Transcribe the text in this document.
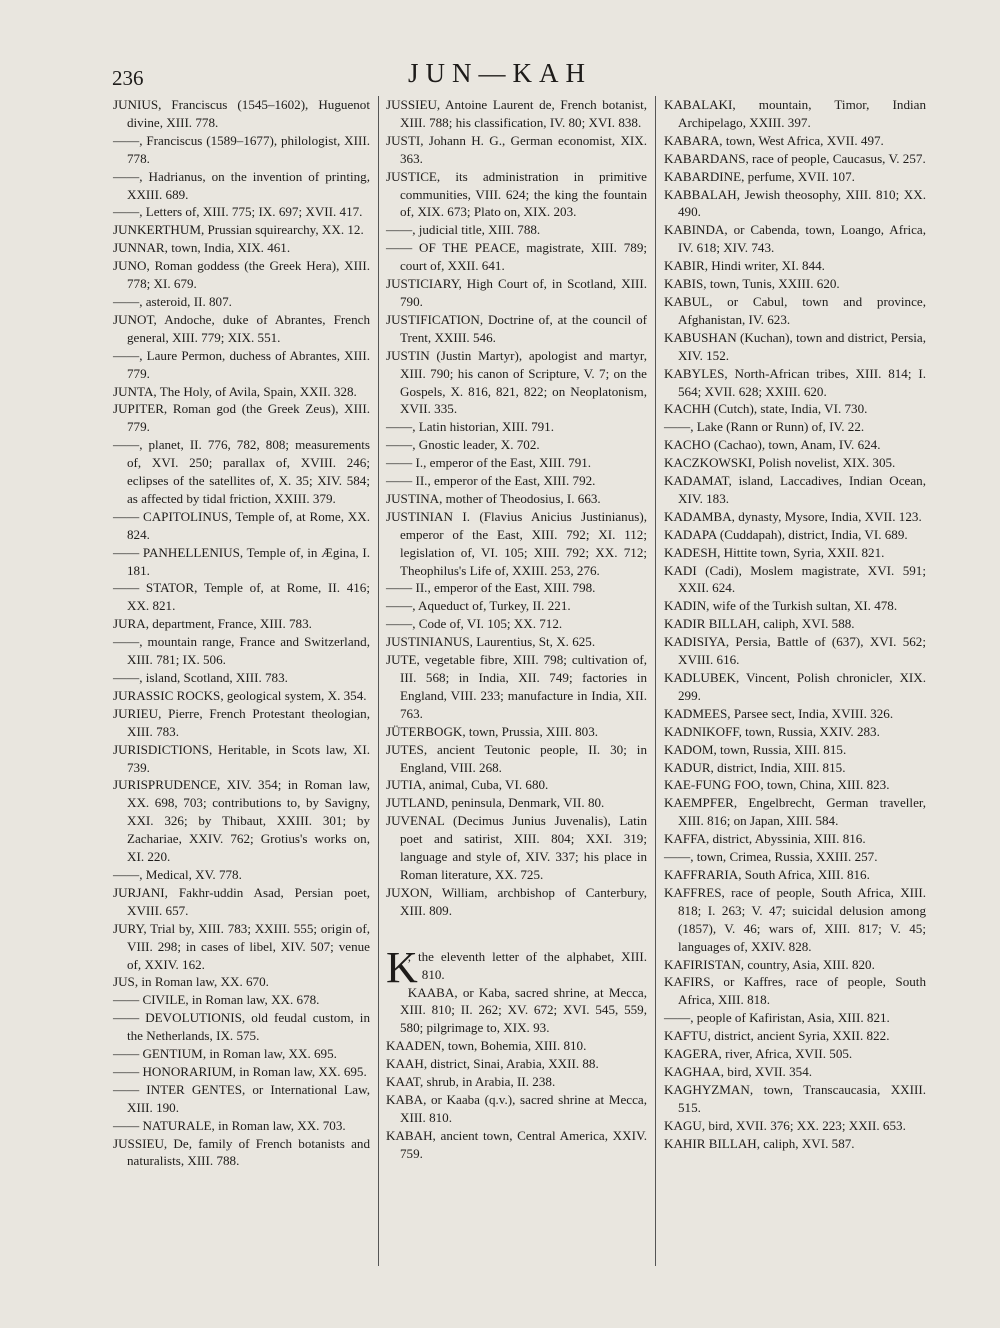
236	JUN—KAH

JUNIUS, Franciscus (1545–1602), Huguenot divine, XIII. 778.

——, Franciscus (1589–1677), philologist, XIII. 778.

——, Hadrianus, on the invention of printing, XXIII. 689.

——, Letters of, XIII. 775; IX. 697; XVII. 417.

JUNKERTHUM, Prussian squirearchy, XX. 12.

JUNNAR, town, India, XIX. 461.

JUNO, Roman goddess (the Greek Hera), XIII. 778; XI. 679.

——, asteroid, II. 807.

JUNOT, Andoche, duke of Abrantes, French general, XIII. 779; XIX. 551.

——, Laure Permon, duchess of Abrantes, XIII. 779.

JUNTA, The Holy, of Avila, Spain, XXII. 328.

JUPITER, Roman god (the Greek Zeus), XIII. 779.

——, planet, II. 776, 782, 808; measurements of, XVI. 250; parallax of, XVIII. 246; eclipses of the satellites of, X. 35; XIV. 584; as affected by tidal friction, XXIII. 379.

—— CAPITOLINUS, Temple of, at Rome, XX. 824.

—— PANHELLENIUS, Temple of, in Ægina, I. 181.

—— STATOR, Temple of, at Rome, II. 416; XX. 821.

JURA, department, France, XIII. 783.

——, mountain range, France and Switzerland, XIII. 781; IX. 506.

——, island, Scotland, XIII. 783.

JURASSIC ROCKS, geological system, X. 354.

JURIEU, Pierre, French Protestant theologian, XIII. 783.

JURISDICTIONS, Heritable, in Scots law, XI. 739.

JURISPRUDENCE, XIV. 354; in Roman law, XX. 698, 703; contributions to, by Savigny, XXI. 326; by Thibaut, XXIII. 301; by Zachariae, XXIV. 762; Grotius's works on, XI. 220.

——, Medical, XV. 778.

JURJANI, Fakhr-uddin Asad, Persian poet, XVIII. 657.

JURY, Trial by, XIII. 783; XXIII. 555; origin of, VIII. 298; in cases of libel, XIV. 507; venue of, XXIV. 162.

JUS, in Roman law, XX. 670.

—— CIVILE, in Roman law, XX. 678.

—— DEVOLUTIONIS, old feudal custom, in the Netherlands, IX. 575.

—— GENTIUM, in Roman law, XX. 695.

—— HONORARIUM, in Roman law, XX. 695.

—— INTER GENTES, or International Law, XIII. 190.

—— NATURALE, in Roman law, XX. 703.

JUSSIEU, De, family of French botanists and naturalists, XIII. 788.

JUSSIEU, Antoine Laurent de, French botanist, XIII. 788; his classification, IV. 80; XVI. 838.

JUSTI, Johann H. G., German economist, XIX. 363.

JUSTICE, its administration in primitive communities, VIII. 624; the king the fountain of, XIX. 673; Plato on, XIX. 203.

——, judicial title, XIII. 788.

—— OF THE PEACE, magistrate, XIII. 789; court of, XXII. 641.

JUSTICIARY, High Court of, in Scotland, XIII. 790.

JUSTIFICATION, Doctrine of, at the council of Trent, XXIII. 546.

JUSTIN (Justin Martyr), apologist and martyr, XIII. 790; his canon of Scripture, V. 7; on the Gospels, X. 816, 821, 822; on Neoplatonism, XVII. 335.

——, Latin historian, XIII. 791.

——, Gnostic leader, X. 702.

—— I., emperor of the East, XIII. 791.

—— II., emperor of the East, XIII. 792.

JUSTINA, mother of Theodosius, I. 663.

JUSTINIAN I. (Flavius Anicius Justinianus), emperor of the East, XIII. 792; XI. 112; legislation of, VI. 105; XIII. 792; XX. 712; Theophilus's Life of, XXIII. 253, 276.

—— II., emperor of the East, XIII. 798.

——, Aqueduct of, Turkey, II. 221.

——, Code of, VI. 105; XX. 712.

JUSTINIANUS, Laurentius, St, X. 625.

JUTE, vegetable fibre, XIII. 798; cultivation of, III. 568; in India, XII. 749; factories in England, VIII. 233; manufacture in India, XII. 763.

JÜTERBOGK, town, Prussia, XIII. 803.

JUTES, ancient Teutonic people, II. 30; in England, VIII. 268.

JUTIA, animal, Cuba, VI. 680.

JUTLAND, peninsula, Denmark, VII. 80.

JUVENAL (Decimus Junius Juvenalis), Latin poet and satirist, XIII. 804; XXI. 319; language and style of, XIV. 337; his place in Roman literature, XX. 725.

JUXON, William, archbishop of Canterbury, XIII. 809.

K
, the eleventh letter of the alphabet, XIII. 810.

KAABA, or Kaba, sacred shrine, at Mecca, XIII. 810; II. 262; XV. 672; XVI. 545, 559, 580; pilgrimage to, XIX. 93.

KAADEN, town, Bohemia, XIII. 810.

KAAH, district, Sinai, Arabia, XXII. 88.

KAAT, shrub, in Arabia, II. 238.

KABA, or Kaaba (q.v.), sacred shrine at Mecca, XIII. 810.

KABAH, ancient town, Central America, XXIV. 759.

KABALAKI, mountain, Timor, Indian Archipelago, XXIII. 397.

KABARA, town, West Africa, XVII. 497.

KABARDANS, race of people, Caucasus, V. 257.

KABARDINE, perfume, XVII. 107.

KABBALAH, Jewish theosophy, XIII. 810; XX. 490.

KABINDA, or Cabenda, town, Loango, Africa, IV. 618; XIV. 743.

KABIR, Hindi writer, XI. 844.

KABIS, town, Tunis, XXIII. 620.

KABUL, or Cabul, town and province, Afghanistan, IV. 623.

KABUSHAN (Kuchan), town and district, Persia, XIV. 152.

KABYLES, North-African tribes, XIII. 814; I. 564; XVII. 628; XXIII. 620.

KACHH (Cutch), state, India, VI. 730.

——, Lake (Rann or Runn) of, IV. 22.

KACHO (Cachao), town, Anam, IV. 624.

KACZKOWSKI, Polish novelist, XIX. 305.

KADAMAT, island, Laccadives, Indian Ocean, XIV. 183.

KADAMBA, dynasty, Mysore, India, XVII. 123.

KADAPA (Cuddapah), district, India, VI. 689.

KADESH, Hittite town, Syria, XXII. 821.

KADI (Cadi), Moslem magistrate, XVI. 591; XXII. 624.

KADIN, wife of the Turkish sultan, XI. 478.

KADIR BILLAH, caliph, XVI. 588.

KADISIYA, Persia, Battle of (637), XVI. 562; XVIII. 616.

KADLUBEK, Vincent, Polish chronicler, XIX. 299.

KADMEES, Parsee sect, India, XVIII. 326.

KADNIKOFF, town, Russia, XXIV. 283.

KADOM, town, Russia, XIII. 815.

KADUR, district, India, XIII. 815.

KAE-FUNG FOO, town, China, XIII. 823.

KAEMPFER, Engelbrecht, German traveller, XIII. 816; on Japan, XIII. 584.

KAFFA, district, Abyssinia, XIII. 816.

——, town, Crimea, Russia, XXIII. 257.

KAFFRARIA, South Africa, XIII. 816.

KAFFRES, race of people, South Africa, XIII. 818; I. 263; V. 47; suicidal delusion among (1857), V. 46; wars of, XIII. 817; V. 45; languages of, XXIV. 828.

KAFIRISTAN, country, Asia, XIII. 820.

KAFIRS, or Kaffres, race of people, South Africa, XIII. 818.

——, people of Kafiristan, Asia, XIII. 821.

KAFTU, district, ancient Syria, XXII. 822.

KAGERA, river, Africa, XVII. 505.

KAGHAA, bird, XVII. 354.

KAGHYZMAN, town, Transcaucasia, XXIII. 515.

KAGU, bird, XVII. 376; XX. 223; XXII. 653.

KAHIR BILLAH, caliph, XVI. 587.
